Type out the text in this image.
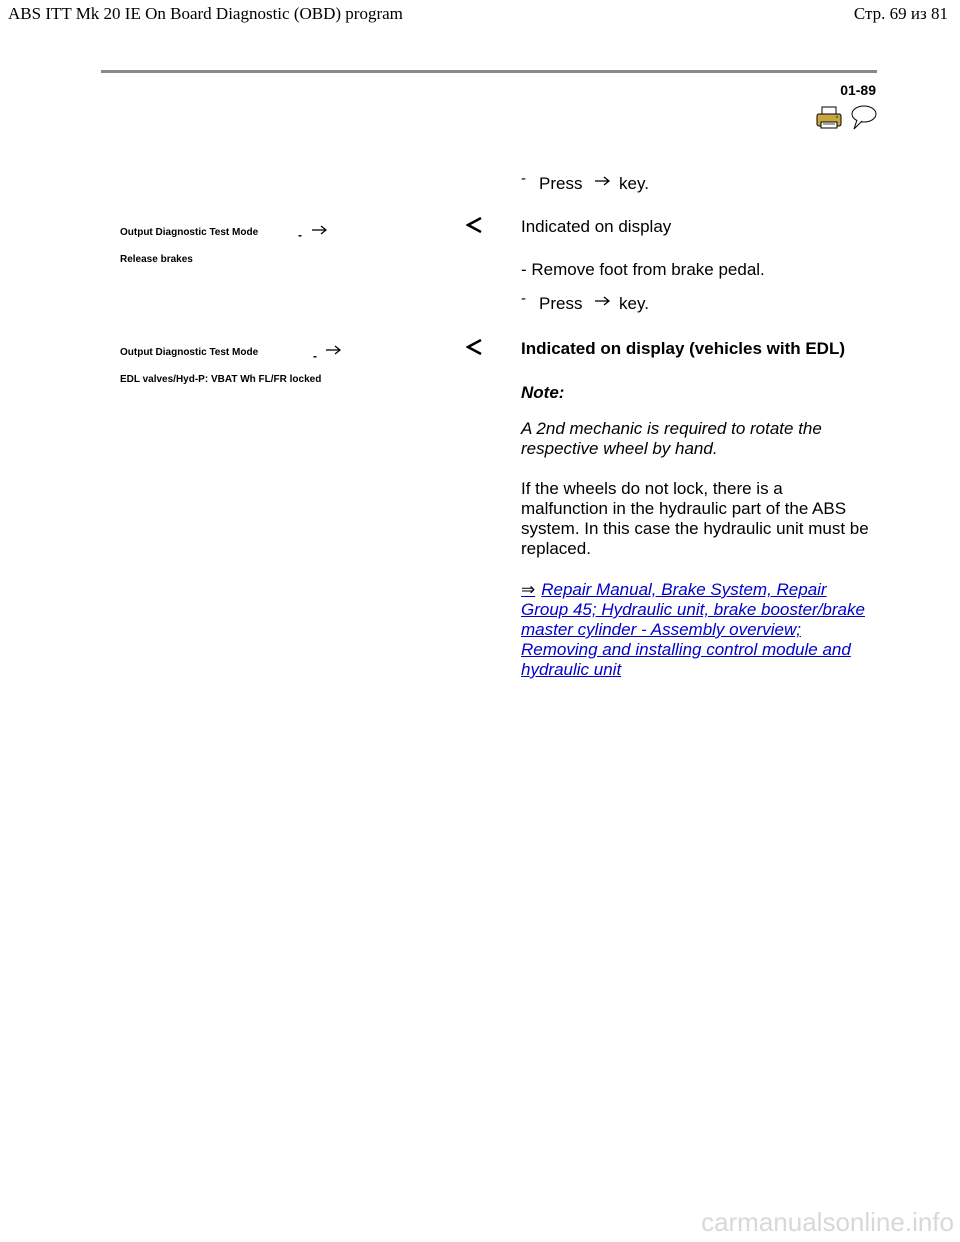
ABS ITT Mk 20 IE On Board Diagnostic (OBD) program	Стр. 69 из 81
01-89
- Press key.
Output Diagnostic Test Mode	-
Release brakes
Indicated on display
- Remove foot from brake pedal.
- Press key.
Output Diagnostic Test Mode	-
EDL valves/Hyd-P: VBAT Wh FL/FR locked
Indicated on display (vehicles with EDL)
Note:
A 2nd mechanic is required to rotate the respective wheel by hand.
If the wheels do not lock, there is a malfunction in the hydraulic part of the ABS system. In this case the hydraulic unit must be replaced.
⇒ Repair Manual, Brake System, Repair Group 45; Hydraulic unit, brake booster/brake master cylinder - Assembly overview; Removing and installing control module and hydraulic unit
carmanualsonline.info
